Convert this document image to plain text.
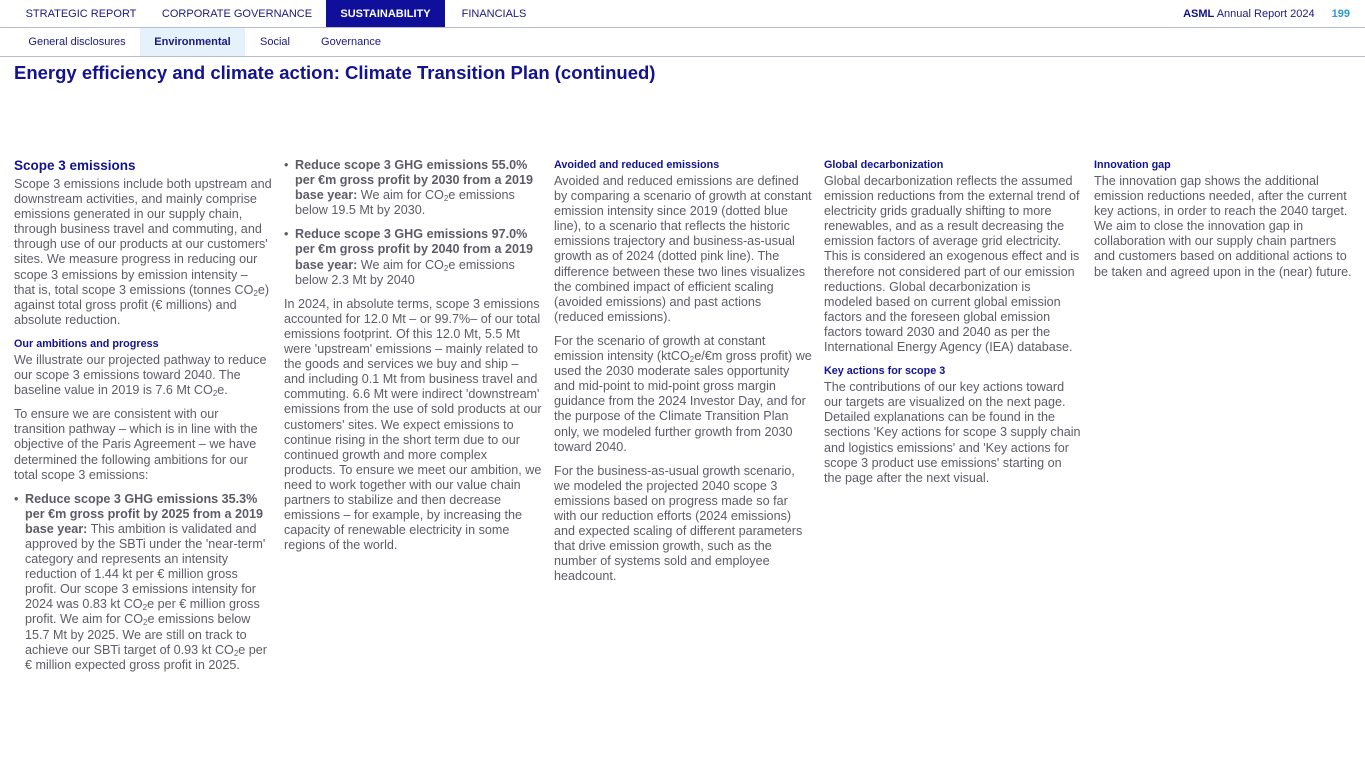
STRATEGIC REPORT	CORPORATE GOVERNANCE	SUSTAINABILITY	FINANCIALS	ASML Annual Report 2024 199
General disclosures	Environmental	Social	Governance
Energy efficiency and climate action: Climate Transition Plan (continued)
Scope 3 emissions

Scope 3 emissions include both upstream and downstream activities, and mainly comprise emissions generated in our supply chain, through business travel and commuting, and through use of our products at our customers' sites. We measure progress in reducing our scope 3 emissions by emission intensity – that is, total scope 3 emissions (tonnes $CO_2e$) against total gross profit (€ millions) and absolute reduction.

Our ambitions and progress

We illustrate our projected pathway to reduce our scope 3 emissions toward 2040. The baseline value in 2019 is 7.6 Mt $CO_2e$.

To ensure we are consistent with our transition pathway – which is in line with the objective of the Paris Agreement – we have determined the following ambitions for our total scope 3 emissions:

• Reduce scope 3 GHG emissions 35.3% per €m gross profit by 2025 from a 2019 base year: This ambition is validated and approved by the SBTi under the 'near-term' category and represents an intensity reduction of 1.44 kt per € million gross profit. Our scope 3 emissions intensity for 2024 was 0.83 kt $CO_2e$ per € million gross profit. We aim for $CO_2e$ emissions below 15.7 Mt by 2025. We are still on track to achieve our SBTi target of 0.93 kt $CO_2e$ per € million expected gross profit in 2025.
• Reduce scope 3 GHG emissions 55.0% per €m gross profit by 2030 from a 2019 base year: We aim for $CO_2e$ emissions below 19.5 Mt by 2030.
• Reduce scope 3 GHG emissions 97.0% per €m gross profit by 2040 from a 2019 base year: We aim for $CO_2e$ emissions below 2.3 Mt by 2040

In 2024, in absolute terms, scope 3 emissions accounted for 12.0 Mt – or 99.7%– of our total emissions footprint. Of this 12.0 Mt, 5.5 Mt were 'upstream' emissions – mainly related to the goods and services we buy and ship – and including 0.1 Mt from business travel and commuting. 6.6 Mt were indirect 'downstream' emissions from the use of sold products at our customers' sites. We expect emissions to continue rising in the short term due to our continued growth and more complex products. To ensure we meet our ambition, we need to work together with our value chain partners to stabilize and then decrease emissions – for example, by increasing the capacity of renewable electricity in some regions of the world.

Avoided and reduced emissions

Avoided and reduced emissions are defined by comparing a scenario of growth at constant emission intensity since 2019 (dotted blue line), to a scenario that reflects the historic emissions trajectory and business-as-usual growth as of 2024 (dotted pink line). The difference between these two lines visualizes the combined impact of efficient scaling (avoided emissions) and past actions (reduced emissions).

For the scenario of growth at constant emission intensity (ktCO$_2$e/€m gross profit) we used the 2030 moderate sales opportunity and mid-point to mid-point gross margin guidance from the 2024 Investor Day, and for the purpose of the Climate Transition Plan only, we modeled further growth from 2030 toward 2040.

For the business-as-usual growth scenario, we modeled the projected 2040 scope 3 emissions based on progress made so far with our reduction efforts (2024 emissions) and expected scaling of different parameters that drive emission growth, such as the number of systems sold and employee headcount.

Global decarbonization

Global decarbonization reflects the assumed emission reductions from the external trend of electricity grids gradually shifting to more renewables, and as a result decreasing the emission factors of average grid electricity. This is considered an exogenous effect and is therefore not considered part of our emission reductions. Global decarbonization is modeled based on current global emission factors and the foreseen global emission factors toward 2030 and 2040 as per the International Energy Agency (IEA) database.

Key actions for scope 3

The contributions of our key actions toward our targets are visualized on the next page. Detailed explanations can be found in the sections 'Key actions for scope 3 supply chain and logistics emissions' and 'Key actions for scope 3 product use emissions' starting on the page after the next visual.

Innovation gap

The innovation gap shows the additional emission reductions needed, after the current key actions, in order to reach the 2040 target. We aim to close the innovation gap in collaboration with our supply chain partners and customers based on additional actions to be taken and agreed upon in the (near) future.
